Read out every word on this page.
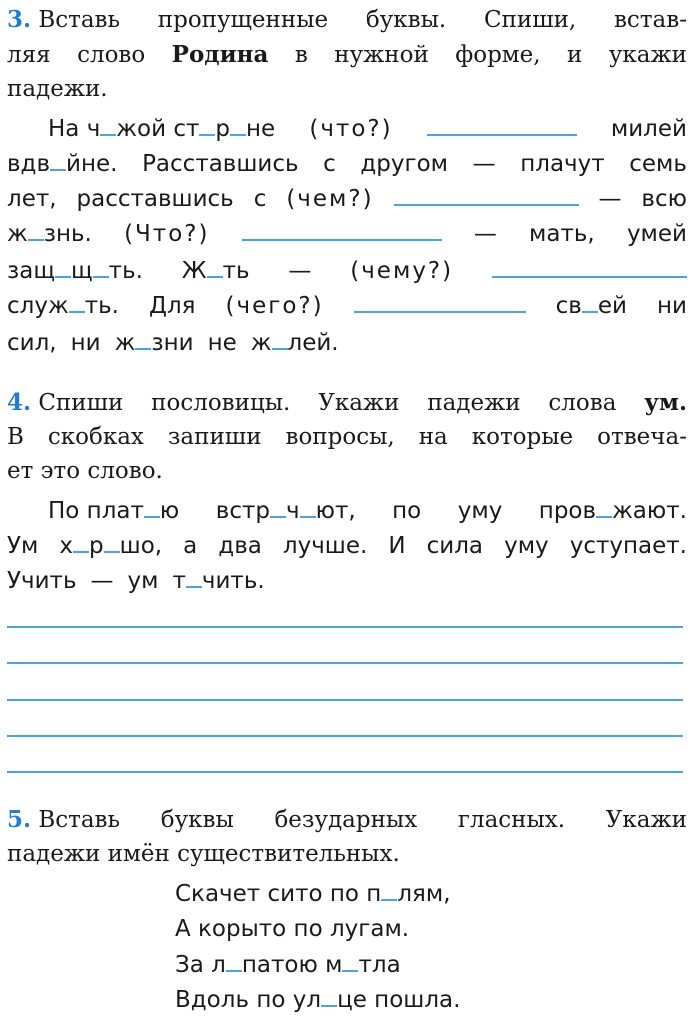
3. Вставь пропущенные буквы. Спиши, встав-
ляя слово Родина в нужной форме, и укажи
падежи.
На ч жой ст р не (что?)	милей
вдв йне. Расставшись с другом — плачут семь
лет, расставшись с (чем?)	— всю
ж знь. (Что?)	— мать, умей
защ щ ть. Ж ть — (чему?)
служ ть. Для (чего?)	св ей ни
сил, ни ж зни не ж лей.
4. Спиши пословицы. Укажи падежи слова ум.
В скобках запиши вопросы, на которые отвеча-
ет это слово.
По плат ю встр ч ют, по уму пров жают.
Ум х р шо, а два лучше. И сила уму уступает.
Учить — ум т чить.
5. Вставь буквы безударных гласных. Укажи
падежи имён существительных.
Скачет сито по п лям,
А корыто по лугам.
За л патою м тла
Вдоль по ул це пошла.
